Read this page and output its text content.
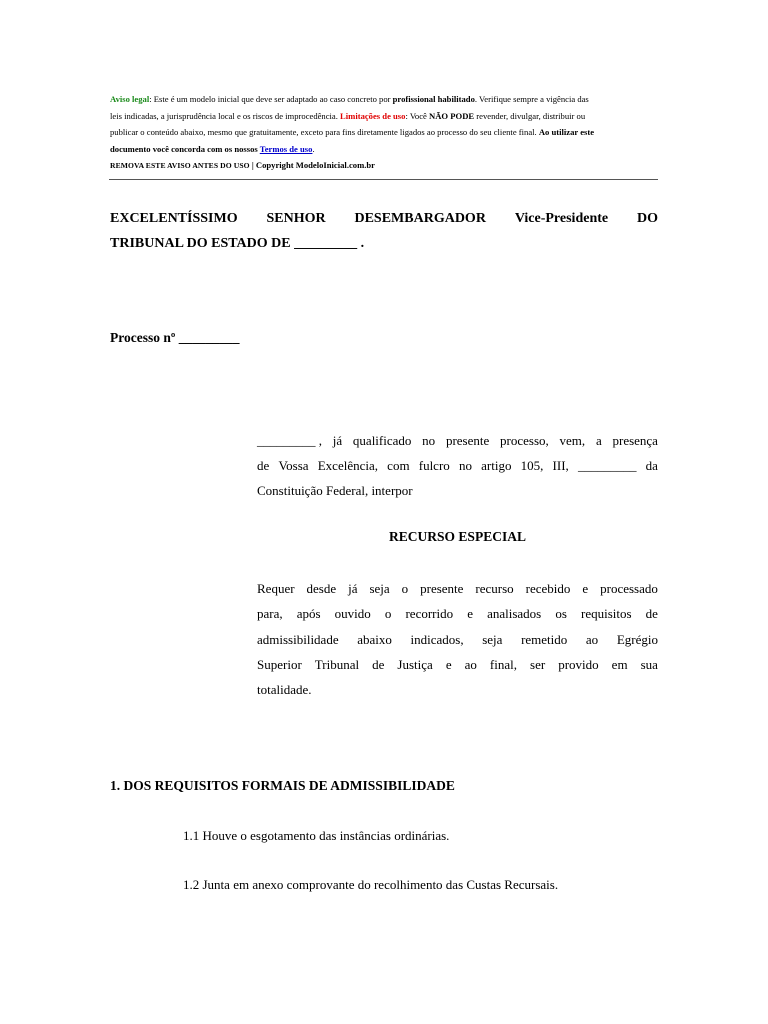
Aviso legal: Este é um modelo inicial que deve ser adaptado ao caso concreto por profissional habilitado. Verifique sempre a vigência das
leis indicadas, a jurisprudência local e os riscos de improcedência. Limitações de uso: Você NÃO PODE revender, divulgar, distribuir ou
publicar o conteúdo abaixo, mesmo que gratuitamente, exceto para fins diretamente ligados ao processo do seu cliente final. Ao utilizar este
documento você concorda com os nossos Termos de uso.
REMOVA ESTE AVISO ANTES DO USO | Copyright ModeloInicial.com.br
EXCELENTÍSSIMO SENHOR DESEMBARGADOR Vice-Presidente DO
TRIBUNAL DO ESTADO DE _________ .
Processo nº _________
_________ , já qualificado no presente processo, vem, a presença
de Vossa Excelência, com fulcro no artigo 105, III, _________ da
Constituição Federal, interpor
RECURSO ESPECIAL
Requer desde já seja o presente recurso recebido e processado
para, após ouvido o recorrido e analisados os requisitos de
admissibilidade abaixo indicados, seja remetido ao Egrégio
Superior Tribunal de Justiça e ao final, ser provido em sua
totalidade.
1. DOS REQUISITOS FORMAIS DE ADMISSIBILIDADE
1.1 Houve o esgotamento das instâncias ordinárias.
1.2 Junta em anexo comprovante do recolhimento das Custas Recursais.
